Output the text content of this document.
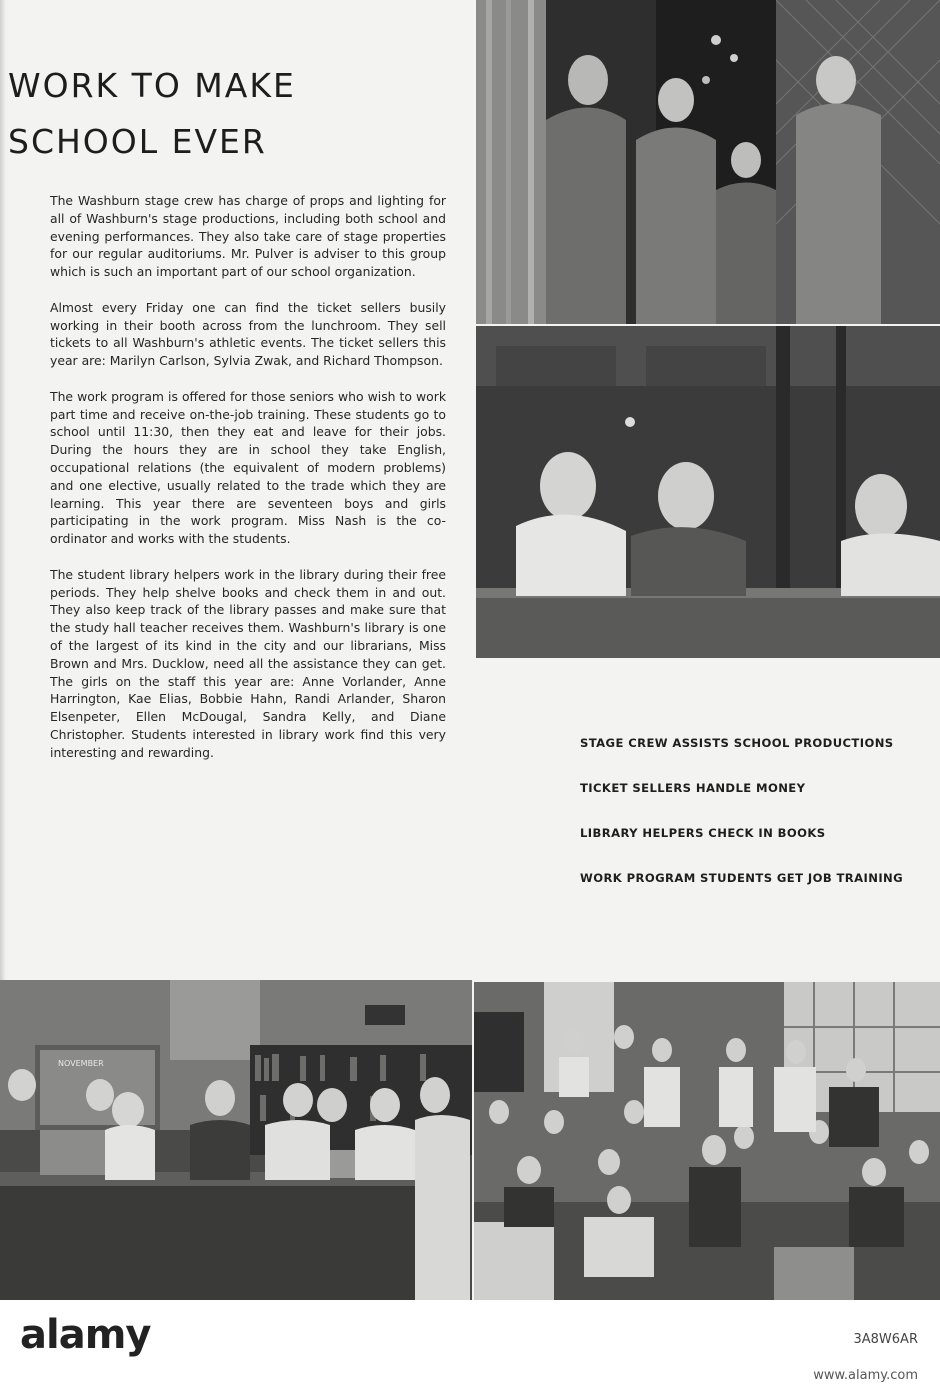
WORK TO MAKE
SCHOOL EVER

The Washburn stage crew has charge of props and lighting for all of Washburn's stage productions, including both school and evening performances. They also take care of stage properties for our regular auditoriums. Mr. Pulver is adviser to this group which is such an important part of our school organization.

Almost every Friday one can find the ticket sellers busily working in their booth across from the lunchroom. They sell tickets to all Washburn's athletic events. The ticket sellers this year are: Marilyn Carlson, Sylvia Zwak, and Richard Thompson.

The work program is offered for those seniors who wish to work part time and receive on-the-job training. These students go to school until 11:30, then they eat and leave for their jobs. During the hours they are in school they take English, occupational relations (the equivalent of modern problems) and one elective, usually related to the trade which they are learning. This year there are seventeen boys and girls participating in the work program. Miss Nash is the co-ordinator and works with the students.

The student library helpers work in the library during their free periods. They help shelve books and check them in and out. They also keep track of the library passes and make sure that the study hall teacher receives them. Washburn's library is one of the largest of its kind in the city and our librarians, Miss Brown and Mrs. Ducklow, need all the assistance they can get. The girls on the staff this year are: Anne Vorlander, Anne Harrington, Kae Elias, Bobbie Hahn, Randi Arlander, Sharon Elsenpeter, Ellen McDougal, Sandra Kelly, and Diane Christopher. Students interested in library work find this very interesting and rewarding.

NOVEMBER
STAGE CREW ASSISTS SCHOOL PRODUCTIONS
TICKET SELLERS HANDLE MONEY
LIBRARY HELPERS CHECK IN BOOKS
WORK PROGRAM STUDENTS GET JOB TRAINING
alamy	3A8W6AR
www.alamy.com
